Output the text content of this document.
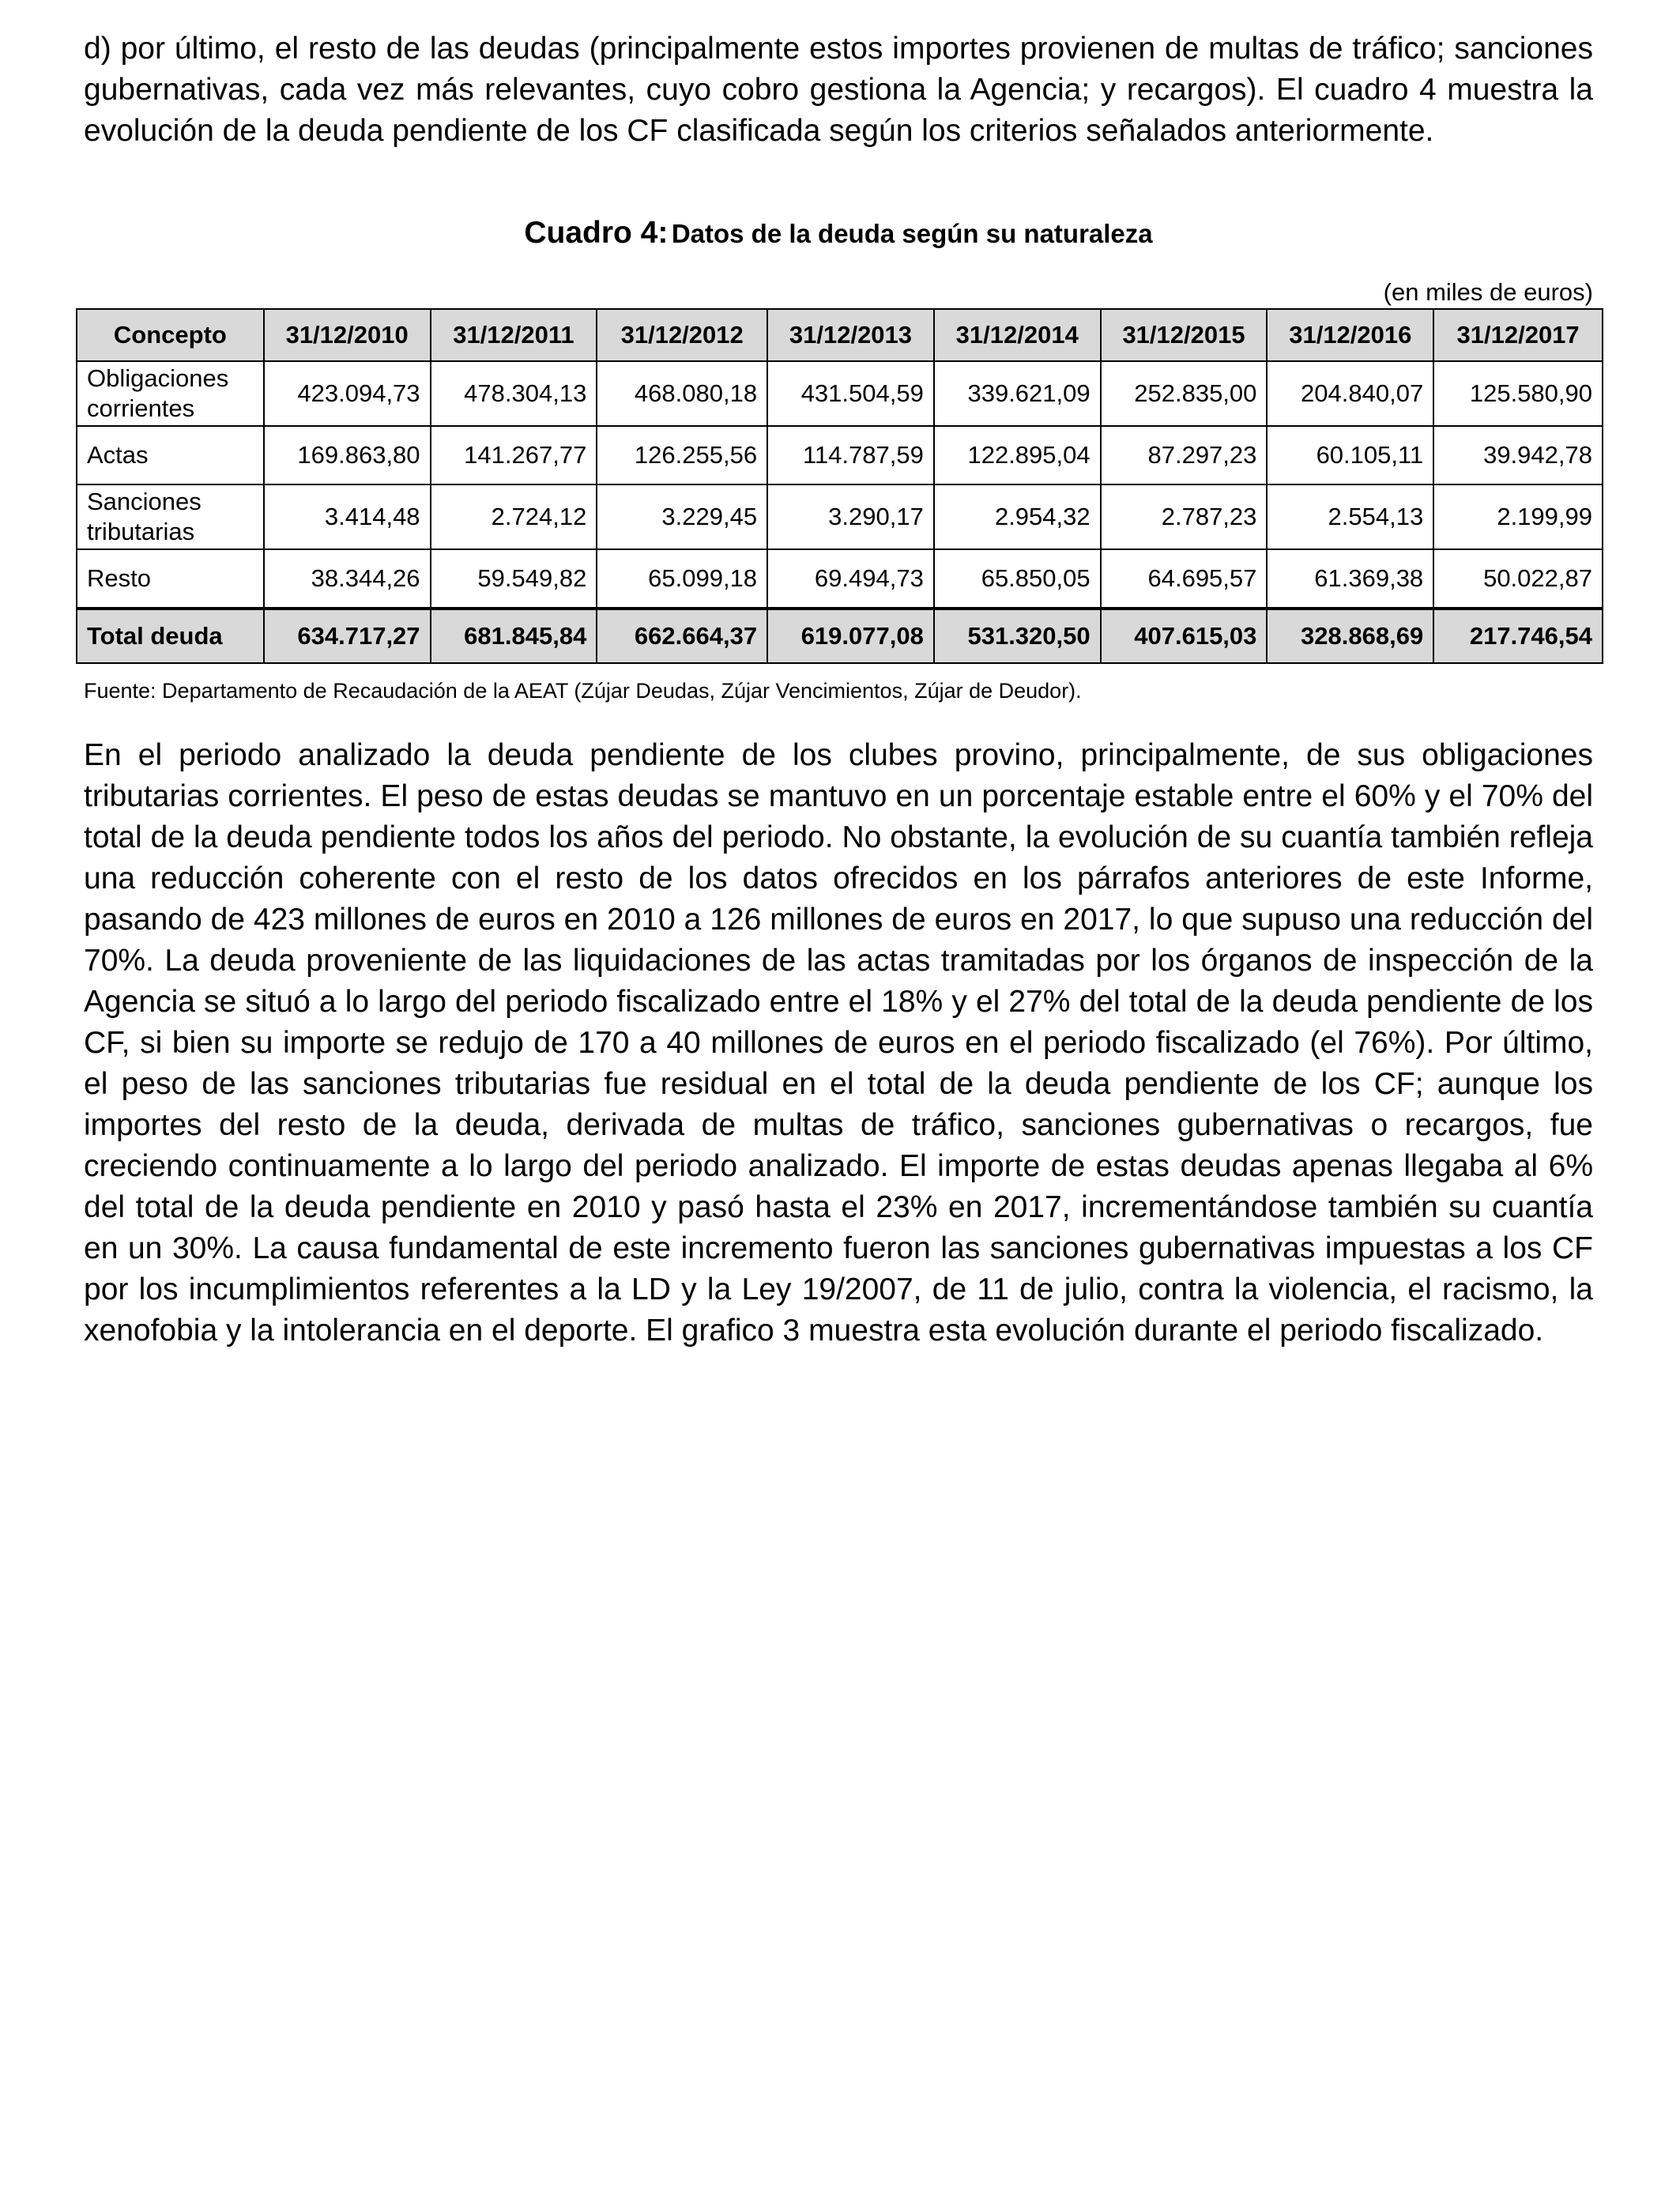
d) por último, el resto de las deudas (principalmente estos importes provienen de multas de tráfico; sanciones gubernativas, cada vez más relevantes, cuyo cobro gestiona la Agencia; y recargos). El cuadro 4 muestra la evolución de la deuda pendiente de los CF clasificada según los criterios señalados anteriormente.

Cuadro 4: Datos de la deuda según su naturaleza
(en miles de euros)
Concepto	31/12/2010	31/12/2011	31/12/2012	31/12/2013	31/12/2014	31/12/2015	31/12/2016	31/12/2017
Obligaciones corrientes	423.094,73	478.304,13	468.080,18	431.504,59	339.621,09	252.835,00	204.840,07	125.580,90
Actas	169.863,80	141.267,77	126.255,56	114.787,59	122.895,04	87.297,23	60.105,11	39.942,78
Sanciones tributarias	3.414,48	2.724,12	3.229,45	3.290,17	2.954,32	2.787,23	2.554,13	2.199,99
Resto	38.344,26	59.549,82	65.099,18	69.494,73	65.850,05	64.695,57	61.369,38	50.022,87
Total deuda	634.717,27	681.845,84	662.664,37	619.077,08	531.320,50	407.615,03	328.868,69	217.746,54
Fuente: Departamento de Recaudación de la AEAT (Zújar Deudas, Zújar Vencimientos, Zújar de Deudor).

En el periodo analizado la deuda pendiente de los clubes provino, principalmente, de sus obligaciones tributarias corrientes. El peso de estas deudas se mantuvo en un porcentaje estable entre el 60% y el 70% del total de la deuda pendiente todos los años del periodo. No obstante, la evolución de su cuantía también refleja una reducción coherente con el resto de los datos ofrecidos en los párrafos anteriores de este Informe, pasando de 423 millones de euros en 2010 a 126 millones de euros en 2017, lo que supuso una reducción del 70%. La deuda proveniente de las liquidaciones de las actas tramitadas por los órganos de inspección de la Agencia se situó a lo largo del periodo fiscalizado entre el 18% y el 27% del total de la deuda pendiente de los CF, si bien su importe se redujo de 170 a 40 millones de euros en el periodo fiscalizado (el 76%). Por último, el peso de las sanciones tributarias fue residual en el total de la deuda pendiente de los CF; aunque los importes del resto de la deuda, derivada de multas de tráfico, sanciones gubernativas o recargos, fue creciendo continuamente a lo largo del periodo analizado. El importe de estas deudas apenas llegaba al 6% del total de la deuda pendiente en 2010 y pasó hasta el 23% en 2017, incrementándose también su cuantía en un 30%. La causa fundamental de este incremento fueron las sanciones gubernativas impuestas a los CF por los incumplimientos referentes a la LD y la Ley 19/2007, de 11 de julio, contra la violencia, el racismo, la xenofobia y la intolerancia en el deporte. El grafico 3 muestra esta evolución durante el periodo fiscalizado.
